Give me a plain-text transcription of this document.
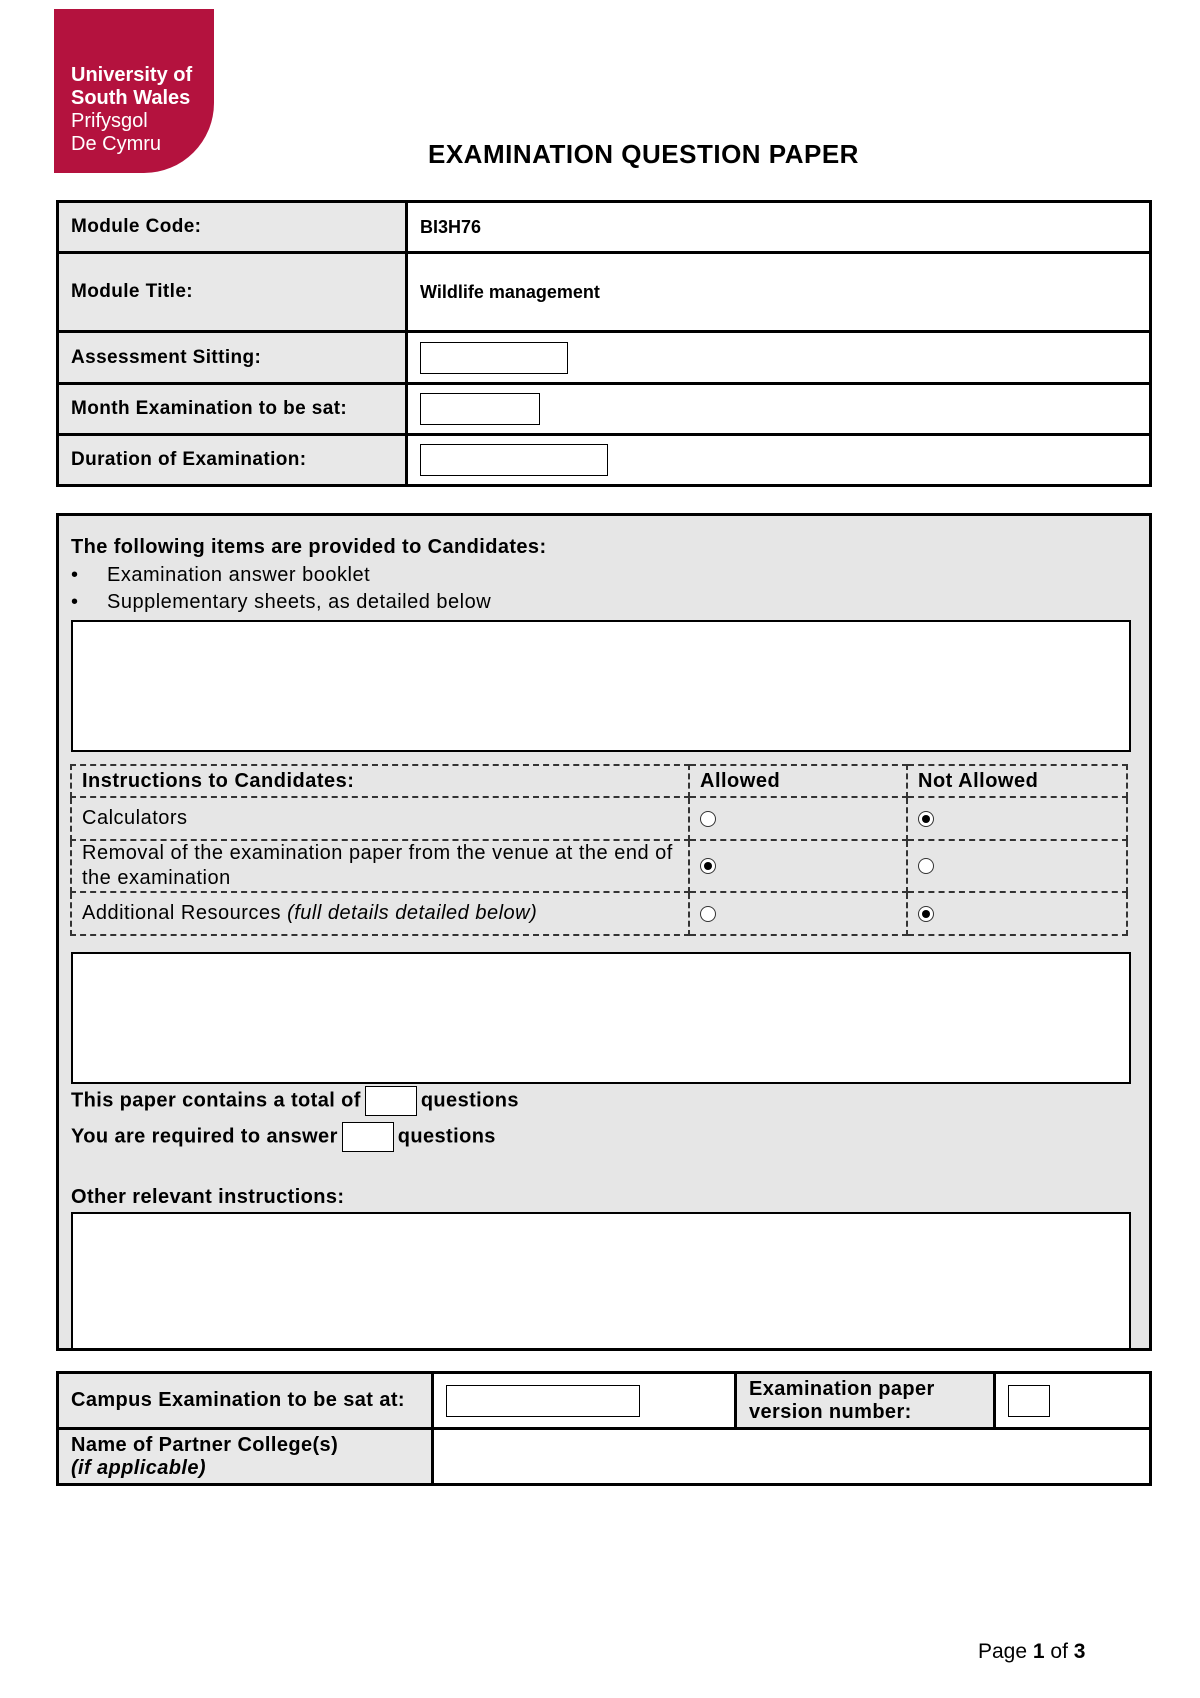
University of
South Wales
Prifysgol
De Cymru	EXAMINATION QUESTION PAPER
Module Code:	BI3H76
Module Title:	Wildlife management
Assessment Sitting:	
Month Examination to be sat:	
Duration of Examination:	
The following items are provided to Candidates:
• Examination answer booklet
• Supplementary sheets, as detailed below
Instructions to Candidates:	Allowed	Not Allowed
Calculators		
Removal of the examination paper from the venue at the end of the examination		
Additional Resources (full details detailed below)		
This paper contains a total of	questions
You are required to answer	questions
Other relevant instructions:
Campus Examination to be sat at:		Examination paper version number:	

Name of Partner College(s)
(if applicable)			
Page 1 of 3
